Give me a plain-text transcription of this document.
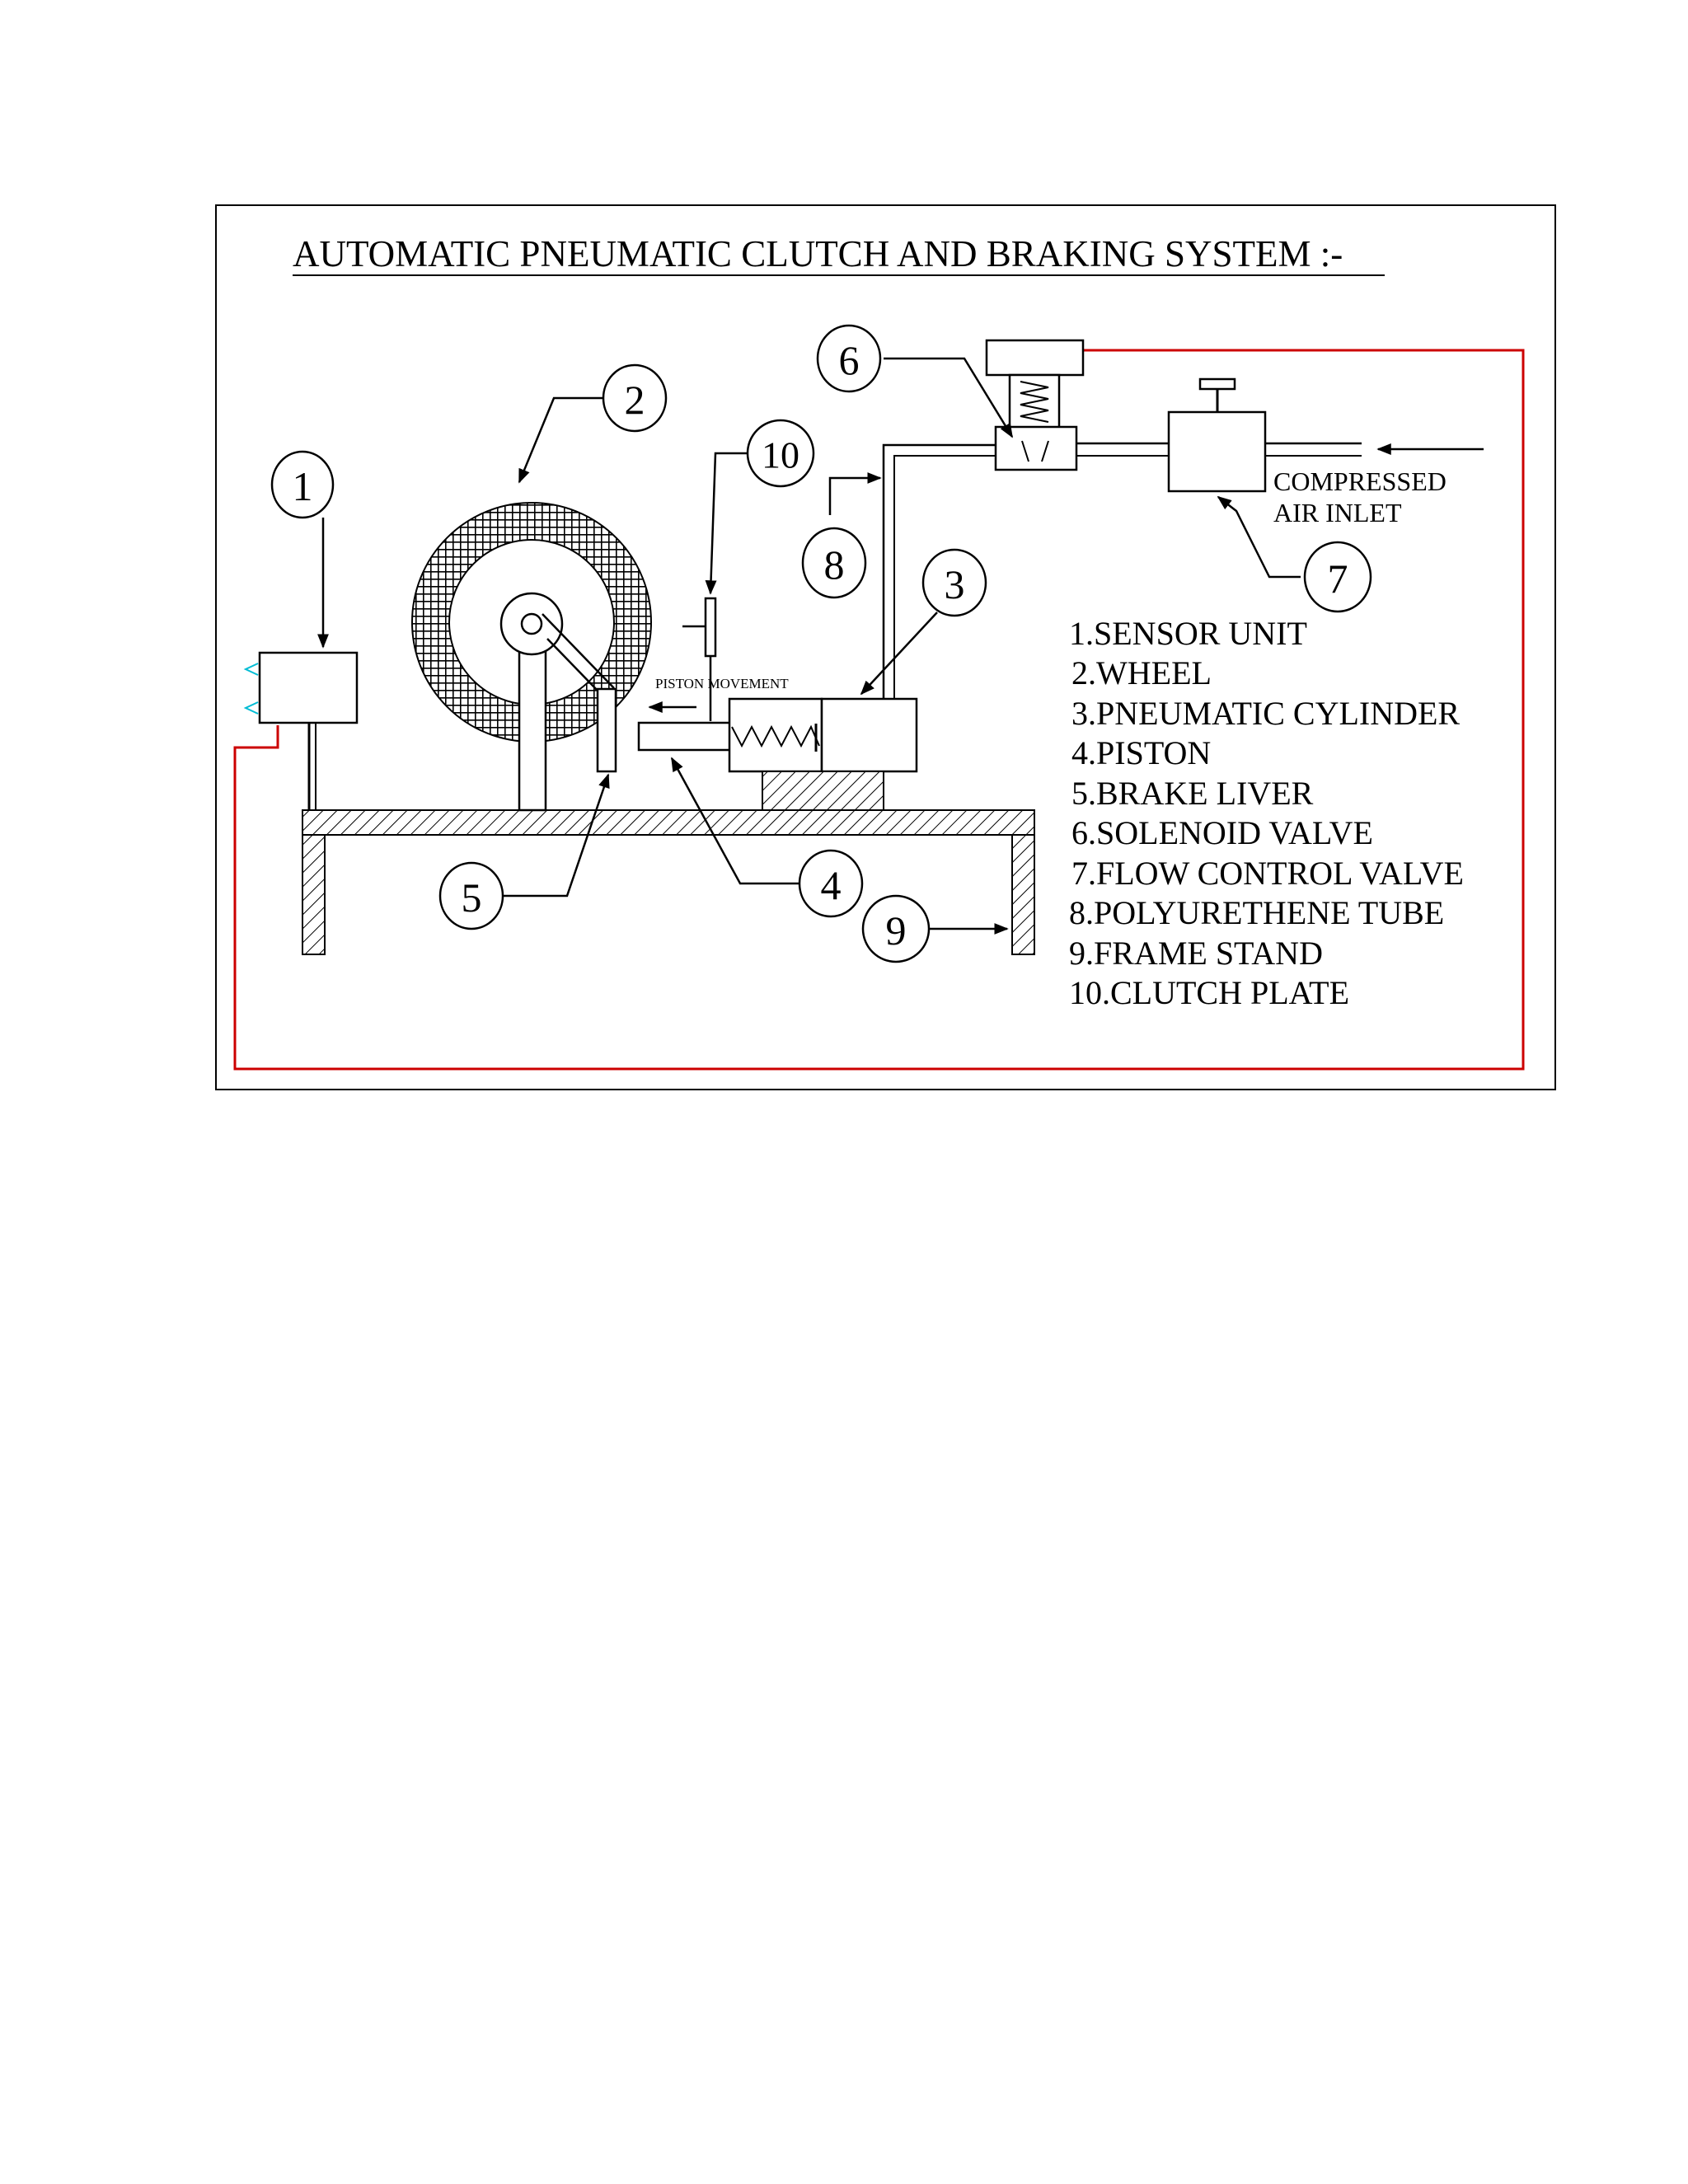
AUTOMATIC PNEUMATIC CLUTCH AND BRAKING SYSTEM :-
PISTON MOVEMENT
COMPRESSED
AIR INLET
1
2
3
4
5
6
7
8
9
10
1.SENSOR UNIT
2.WHEEL
3.PNEUMATIC CYLINDER
4.PISTON
5.BRAKE LIVER
6.SOLENOID VALVE
7.FLOW CONTROL VALVE
8.POLYURETHENE TUBE
9.FRAME STAND
10.CLUTCH PLATE
